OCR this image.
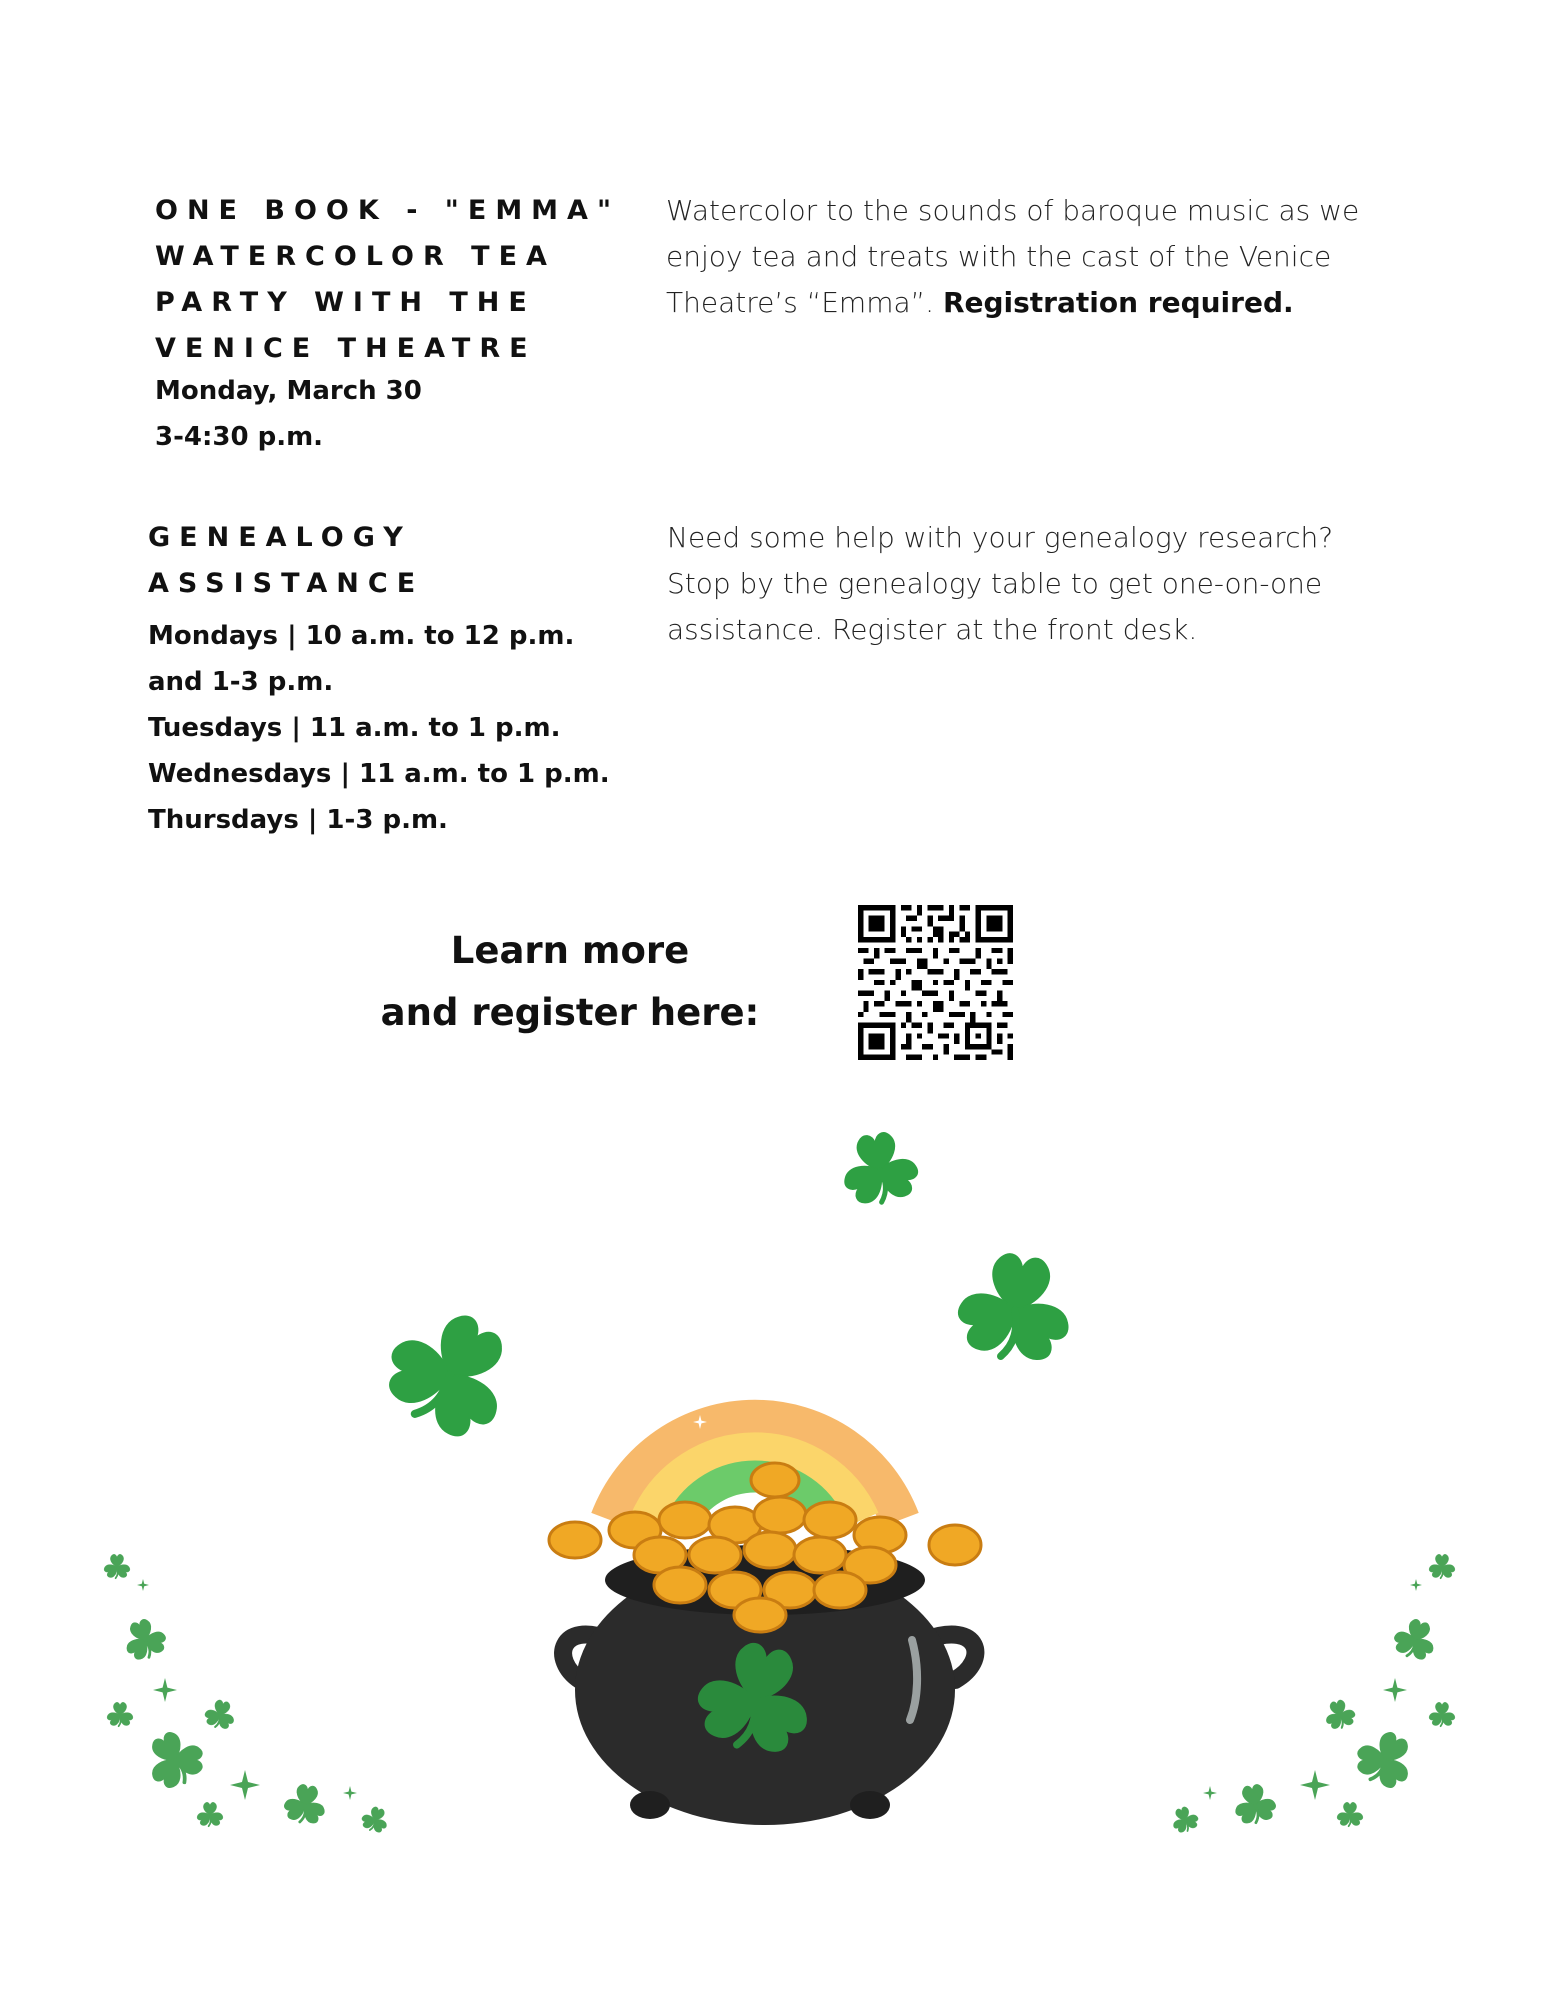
ONE BOOK - "EMMA"
WATERCOLOR TEA
PARTY WITH THE
VENICE THEATRE
Monday, March 30
3-4:30 p.m.
Watercolor to the sounds of baroque music as we enjoy tea and treats with the cast of the Venice Theatre’s “Emma”. Registration required.
GENEALOGY
ASSISTANCE
Mondays | 10 a.m. to 12 p.m.
and 1-3 p.m.
Tuesdays | 11 a.m. to 1 p.m.
Wednesdays | 11 a.m. to 1 p.m.
Thursdays | 1-3 p.m.
Need some help with your genealogy research? Stop by the genealogy table to get one-on-one assistance. Register at the front desk.
Learn more
and register here:
